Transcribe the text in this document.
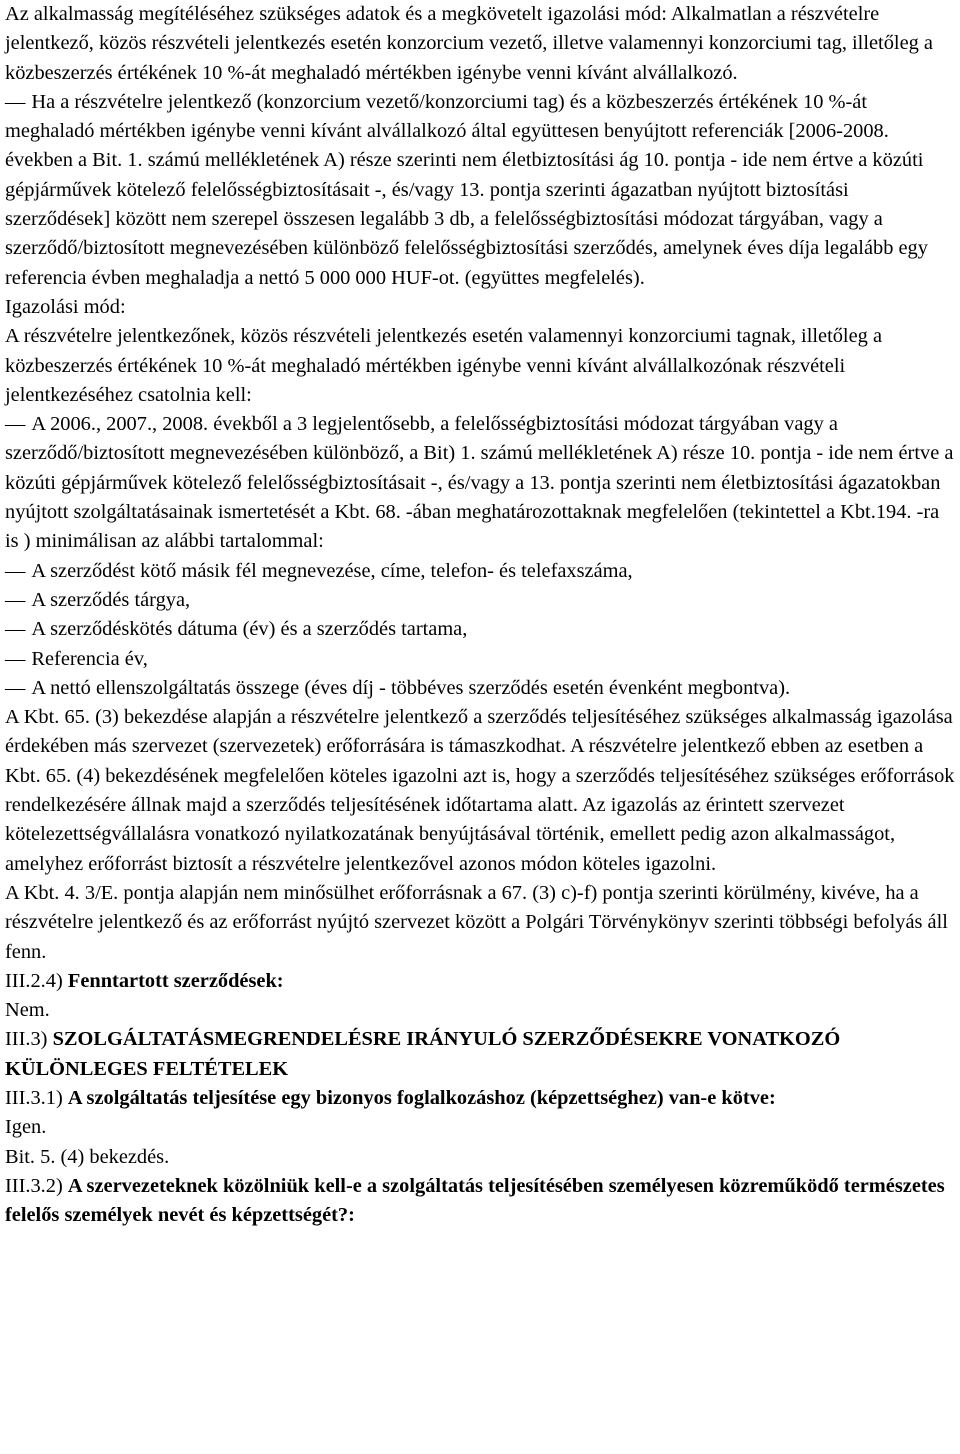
Az alkalmasság megítéléséhez szükséges adatok és a megkövetelt igazolási mód: Alkalmatlan a részvételre jelentkező, közös részvételi jelentkezés esetén konzorcium vezető, illetve valamennyi konzorciumi tag, illetőleg a közbeszerzés értékének 10 %-át meghaladó mértékben igénybe venni kívánt alvállalkozó.

— Ha a részvételre jelentkező (konzorcium vezető/konzorciumi tag) és a közbeszerzés értékének 10 %-át meghaladó mértékben igénybe venni kívánt alvállalkozó által együttesen benyújtott referenciák [2006-2008. években a Bit. 1. számú mellékletének A) része szerinti nem életbiztosítási ág 10. pontja - ide nem értve a közúti gépjárművek kötelező felelősségbiztosításait -, és/vagy 13. pontja szerinti ágazatban nyújtott biztosítási szerződések] között nem szerepel összesen legalább 3 db, a felelősségbiztosítási módozat tárgyában, vagy a szerződő/biztosított megnevezésében különböző felelősségbiztosítási szerződés, amelynek éves díja legalább egy referencia évben meghaladja a nettó 5 000 000 HUF-ot. (együttes megfelelés).

Igazolási mód:

A részvételre jelentkezőnek, közös részvételi jelentkezés esetén valamennyi konzorciumi tagnak, illetőleg a közbeszerzés értékének 10 %-át meghaladó mértékben igénybe venni kívánt alvállalkozónak részvételi jelentkezéséhez csatolnia kell:

— A 2006., 2007., 2008. évekből a 3 legjelentősebb, a felelősségbiztosítási módozat tárgyában vagy a szerződő/biztosított megnevezésében különböző, a Bit) 1. számú mellékletének A) része 10. pontja - ide nem értve a közúti gépjárművek kötelező felelősségbiztosításait -, és/vagy a 13. pontja szerinti nem életbiztosítási ágazatokban nyújtott szolgáltatásainak ismertetését a Kbt. 68. -ában meghatározottaknak megfelelően (tekintettel a Kbt.194. -ra is ) minimálisan az alábbi tartalommal:

— A szerződést kötő másik fél megnevezése, címe, telefon- és telefaxszáma,

— A szerződés tárgya,

— A szerződéskötés dátuma (év) és a szerződés tartama,

— Referencia év,

— A nettó ellenszolgáltatás összege (éves díj - többéves szerződés esetén évenként megbontva).

A Kbt. 65. (3) bekezdése alapján a részvételre jelentkező a szerződés teljesítéséhez szükséges alkalmasság igazolása érdekében más szervezet (szervezetek) erőforrására is támaszkodhat. A részvételre jelentkező ebben az esetben a Kbt. 65. (4) bekezdésének megfelelően köteles igazolni azt is, hogy a szerződés teljesítéséhez szükséges erőforrások rendelkezésére állnak majd a szerződés teljesítésének időtartama alatt. Az igazolás az érintett szervezet kötelezettségvállalásra vonatkozó nyilatkozatának benyújtásával történik, emellett pedig azon alkalmasságot, amelyhez erőforrást biztosít a részvételre jelentkezővel azonos módon köteles igazolni.

A Kbt. 4. 3/E. pontja alapján nem minősülhet erőforrásnak a 67. (3) c)-f) pontja szerinti körülmény, kivéve, ha a részvételre jelentkező és az erőforrást nyújtó szervezet között a Polgári Törvénykönyv szerinti többségi befolyás áll fenn.

III.2.4) Fenntartott szerződések:

Nem.

III.3) SZOLGÁLTATÁSMEGRENDELÉSRE IRÁNYULÓ SZERZŐDÉSEKRE VONATKOZÓ KÜLÖNLEGES FELTÉTELEK

III.3.1) A szolgáltatás teljesítése egy bizonyos foglalkozáshoz (képzettséghez) van-e kötve:

Igen.

Bit. 5. (4) bekezdés.

III.3.2) A szervezeteknek közölniük kell-e a szolgáltatás teljesítésében személyesen közreműködő természetes felelős személyek nevét és képzettségét?:
